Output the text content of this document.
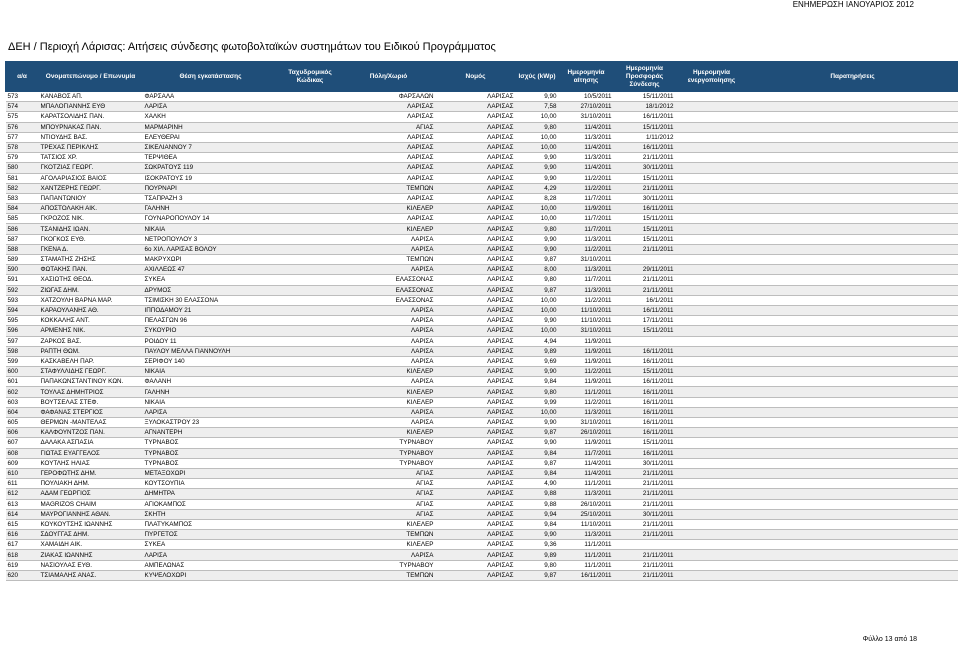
ΕΝΗΜΕΡΩΣΗ ΙΑΝΟΥΑΡΙΟΣ 2012
ΔΕΗ / Περιοχή Λάρισας: Αιτήσεις σύνδεσης φωτοβολταϊκών συστημάτων του Ειδικού Προγράμματος
α/α	Ονοματεπώνυμο / Επωνυμία	Θέση εγκατάστασης	Ταχυδρομικός Κώδικας	Πόλη/Χωριό	Νομός	Ισχύς (kWp)	Ημερομηνία αίτησης	Ημερομηνία Προσφοράς Σύνδεσης	Ημερομηνία ενεργοποίησης	Παρατηρήσεις
573	ΚΑΝΑΒΟΣ ΑΠ.	ΦΑΡΣΑΛΑ		ΦΑΡΣΑΛΩΝ	ΛΑΡΙΣΑΣ	9,90	10/5/2011	15/11/2011		
574	ΜΠΑΛΟΓΙΑΝΝΗΣ ΕΥΘ	ΛΑΡΙΣΑ		ΛΑΡΙΣΑΣ	ΛΑΡΙΣΑΣ	7,58	27/10/2011	18/1/2012		
575	ΚΑΡΑΤΣΟΛΙΔΗΣ ΠΑΝ.	ΧΑΛΚΗ		ΛΑΡΙΣΑΣ	ΛΑΡΙΣΑΣ	10,00	31/10/2011	16/11/2011		
576	ΜΠΟΥΡΝΑΚΑΣ ΠΑΝ.	ΜΑΡΜΑΡΙΝΗ		ΑΓΙΑΣ	ΛΑΡΙΣΑΣ	9,80	11/4/2011	15/11/2011		
577	ΝΤΙΟΥΔΗΣ ΒΑΣ.	ΕΛΕΥΘΕΡΑΙ		ΛΑΡΙΣΑΣ	ΛΑΡΙΣΑΣ	10,00	11/3/2011	1/11/2012		
578	ΤΡΕΧΑΣ ΠΕΡΙΚΛΗΣ	ΣΙΚΕΛΙΑΝΝΟΥ 7		ΛΑΡΙΣΑΣ	ΛΑΡΙΣΑΣ	10,00	11/4/2011	16/11/2011		
579	ΤΑΤΣΙΟΣ ΧΡ.	ΤΕΡΨΙΘΕΑ		ΛΑΡΙΣΑΣ	ΛΑΡΙΣΑΣ	9,90	11/3/2011	21/11/2011		
580	ΓΚΟΤΖΙΑΣ ΓΕΩΡΓ.	ΣΩΚΡΑΤΟΥΣ 119		ΛΑΡΙΣΑΣ	ΛΑΡΙΣΑΣ	9,90	11/4/2011	30/11/2011		
581	ΑΓΟΛΑΡΙΑΣΙΟΣ ΒΑΙΟΣ	ΙΣΟΚΡΑΤΟΥΣ 19		ΛΑΡΙΣΑΣ	ΛΑΡΙΣΑΣ	9,90	11/2/2011	15/11/2011		
582	ΧΑΝΤΖΕΡΗΣ ΓΕΩΡΓ.	ΠΟΥΡΝΑΡΙ		ΤΕΜΠΩΝ	ΛΑΡΙΣΑΣ	4,29	11/2/2011	21/11/2011		
583	ΠΑΠΑΝΤΩΝΙΟΥ	ΤΣΑΠΡΑΖΗ 3		ΛΑΡΙΣΑΣ	ΛΑΡΙΣΑΣ	8,28	11/7/2011	30/11/2011		
584	ΑΠΟΣΤΟΛΑΚΗ ΑΙΚ.	ΓΑΛΗΝΗ		ΚΙΛΕΛΕΡ	ΛΑΡΙΣΑΣ	10,00	11/9/2011	16/11/2011		
585	ΓΚΡΟΖΟΣ ΝΙΚ.	ΓΟΥΝΑΡΟΠΟΥΛΟΥ 14		ΛΑΡΙΣΑΣ	ΛΑΡΙΣΑΣ	10,00	11/7/2011	15/11/2011		
586	ΤΣΑΝΙΔΗΣ ΙΩΑΝ.	ΝΙΚΑΙΑ		ΚΙΛΕΛΕΡ	ΛΑΡΙΣΑΣ	9,80	11/7/2011	15/11/2011		
587	ΓΚΟΓΚΟΣ ΕΥΘ.	ΝΕΤΡΟΠΟΥΛΟΥ 3		ΛΑΡΙΣΑ	ΛΑΡΙΣΑΣ	9,90	11/3/2011	15/11/2011		
588	ΓΚΕΝΑ Δ.	6ο ΧΙΛ. ΛΑΡΙΣΑΣ ΒΟΛΟΥ		ΛΑΡΙΣΑ	ΛΑΡΙΣΑΣ	9,90	11/2/2011	21/11/2011		
589	ΣΤΑΜΑΤΗΣ ΖΗΣΗΣ	ΜΑΚΡΥΧΩΡΙ		ΤΕΜΠΩΝ	ΛΑΡΙΣΑΣ	9,87	31/10/2011			
590	ΦΩΤΑΚΗΣ ΠΑΝ.	ΑΧΙΛΛΕΩΣ 47		ΛΑΡΙΣΑ	ΛΑΡΙΣΑΣ	8,00	11/3/2011	29/11/2011		
591	ΧΑΣΙΩΤΗΣ ΘΕΟΔ.	ΣΥΚΕΑ		ΕΛΑΣΣΟΝΑΣ	ΛΑΡΙΣΑΣ	9,80	11/7/2011	21/11/2011		
592	ΖΙΩΓΑΣ ΔΗΜ.	ΔΡΥΜΟΣ		ΕΛΑΣΣΟΝΑΣ	ΛΑΡΙΣΑΣ	9,87	11/3/2011	21/11/2011		
593	ΧΑΤΖΟΥΛΗ ΒΑΡΝΑ ΜΑΡ.	ΤΣΙΜΙΣΚΗ 30 ΕΛΑΣΣΟΝΑ		ΕΛΑΣΣΟΝΑΣ	ΛΑΡΙΣΑΣ	10,00	11/2/2011	16/1/2011		
594	ΚΑΡΑΟΥΛΑΝΗΣ ΑΘ.	ΙΠΠΟΔΑΜΟΥ 21		ΛΑΡΙΣΑ	ΛΑΡΙΣΑΣ	10,00	11/10/2011	16/11/2011		
595	ΚΟΚΚΑΛΗΣ ΑΝΤ.	ΠΕΛΑΣΓΩΝ 96		ΛΑΡΙΣΑ	ΛΑΡΙΣΑΣ	9,90	11/10/2011	17/11/2011		
596	ΑΡΜΕΝΗΣ ΝΙΚ.	ΣΥΚΟΥΡΙΟ		ΛΑΡΙΣΑ	ΛΑΡΙΣΑΣ	10,00	31/10/2011	15/11/2011		
597	ΖΑΡΚΟΣ ΒΑΣ.	ΡΟΙΔΟΥ 11		ΛΑΡΙΣΑ	ΛΑΡΙΣΑΣ	4,94	11/9/2011			
598	ΡΑΠΤΗ ΘΩΜ.	ΠΑΥΛΟΥ ΜΕΛΛΑ ΓΙΑΝΝΟΥΛΗ		ΛΑΡΙΣΑ	ΛΑΡΙΣΑΣ	9,89	11/9/2011	16/11/2011		
599	ΚΑΣΚΑΒΕΛΗ ΠΑΡ.	ΣΕΡΙΦΟΥ 140		ΛΑΡΙΣΑ	ΛΑΡΙΣΑΣ	9,69	11/9/2011	16/11/2011		
600	ΣΤΑΦΥΛΛΙΔΗΣ ΓΕΩΡΓ.	ΝΙΚΑΙΑ		ΚΙΛΕΛΕΡ	ΛΑΡΙΣΑΣ	9,90	11/2/2011	15/11/2011		
601	ΠΑΠΑΚΩΝΣΤΑΝΤΙΝΟΥ ΚΩΝ.	ΦΑΛΑΝΗ		ΛΑΡΙΣΑ	ΛΑΡΙΣΑΣ	9,84	11/9/2011	16/11/2011		
602	ΤΟΥΛΑΣ ΔΗΜΗΤΡΙΟΣ	ΓΑΛΗΝΗ		ΚΙΛΕΛΕΡ	ΛΑΡΙΣΑΣ	9,80	11/1/2011	16/11/2011		
603	ΒΟΥΤΣΕΛΑΣ ΣΤΕΦ.	ΝΙΚΑΙΑ		ΚΙΛΕΛΕΡ	ΛΑΡΙΣΑΣ	9,99	11/2/2011	16/11/2011		
604	ΦΑΦΑΝΑΣ ΣΤΕΡΓΙΟΣ	ΛΑΡΙΣΑ		ΛΑΡΙΣΑ	ΛΑΡΙΣΑΣ	10,00	11/3/2011	16/11/2011		
605	ΘΕΡΜΩΝ -ΜΑΝΤΕΛΑΣ	ΞΥΛΟΚΑΣΤΡΟΥ 23		ΛΑΡΙΣΑ	ΛΑΡΙΣΑΣ	9,90	31/10/2011	16/11/2011		
606	ΚΑΛΦΟΥΝΤΖΟΣ ΠΑΝ.	ΑΓΝΑΝΤΕΡΗ		ΚΙΛΕΛΕΡ	ΛΑΡΙΣΑΣ	9,87	26/10/2011	16/11/2011		
607	ΔΑΛΑΚΑ ΑΣΠΑΣΙΑ	ΤΥΡΝΑΒΟΣ		ΤΥΡΝΑΒΟΥ	ΛΑΡΙΣΑΣ	9,90	11/9/2011	15/11/2011		
608	ΓΙΩΤΑΣ ΕΥΑΓΓΕΛΟΣ	ΤΥΡΝΑΒΟΣ		ΤΥΡΝΑΒΟΥ	ΛΑΡΙΣΑΣ	9,84	11/7/2011	16/11/2011		
609	ΚΟΥΤΛΗΣ ΗΛΙΑΣ	ΤΥΡΝΑΒΟΣ		ΤΥΡΝΑΒΟΥ	ΛΑΡΙΣΑΣ	9,87	11/4/2011	30/11/2011		
610	ΓΕΡΟΦΩΤΗΣ ΔΗΜ.	ΜΕΤΑΞΟΧΩΡΙ		ΑΓΙΑΣ	ΛΑΡΙΣΑΣ	9,84	11/4/2011	21/11/2011		
611	ΠΟΥΛΙΑΚΗ ΔΗΜ.	ΚΟΥΤΣΟΥΠΙΑ		ΑΓΙΑΣ	ΛΑΡΙΣΑΣ	4,90	11/1/2011	21/11/2011		
612	ΑΔΑΜ ΓΕΩΡΓΙΟΣ	ΔΗΜΗΤΡΑ		ΑΓΙΑΣ	ΛΑΡΙΣΑΣ	9,88	11/3/2011	21/11/2011		
613	MAGRIZOS CHAIM	ΑΓΙΟΚΑΜΠΟΣ		ΑΓΙΑΣ	ΛΑΡΙΣΑΣ	9,88	26/10/2011	21/11/2011		
614	ΜΑΥΡΟΓΙΑΝΝΗΣ ΑΘΑΝ.	ΣΚΗΤΗ		ΑΓΙΑΣ	ΛΑΡΙΣΑΣ	9,94	25/10/2011	30/11/2011		
615	ΚΟΥΚΟΥΤΣΗΣ ΙΩΑΝΝΗΣ	ΠΛΑΤΥΚΑΜΠΟΣ		ΚΙΛΕΛΕΡ	ΛΑΡΙΣΑΣ	9,84	11/10/2011	21/11/2011		
616	ΣΔΟΥΓΓΑΣ ΔΗΜ.	ΠΥΡΓΕΤΟΣ		ΤΕΜΠΩΝ	ΛΑΡΙΣΑΣ	9,90	11/3/2011	21/11/2011		
617	ΧΑΜΑΙΔΗ ΑΙΚ.	ΣΥΚΕΑ		ΚΙΛΕΛΕΡ	ΛΑΡΙΣΑΣ	9,36	11/1/2011			
618	ΖΙΑΚΑΣ ΙΩΑΝΝΗΣ	ΛΑΡΙΣΑ		ΛΑΡΙΣΑ	ΛΑΡΙΣΑΣ	9,89	11/1/2011	21/11/2011		
619	ΝΑΣΙΟΥΛΑΣ ΕΥΘ.	ΑΜΠΕΛΩΝΑΣ		ΤΥΡΝΑΒΟΥ	ΛΑΡΙΣΑΣ	9,80	11/1/2011	21/11/2011		
620	ΤΣΙΑΜΑΛΗΣ ΑΝΑΣ.	ΚΥΨΕΛΟΧΩΡΙ		ΤΕΜΠΩΝ	ΛΑΡΙΣΑΣ	9,87	16/11/2011	21/11/2011		
Φύλλο 13 από 18
